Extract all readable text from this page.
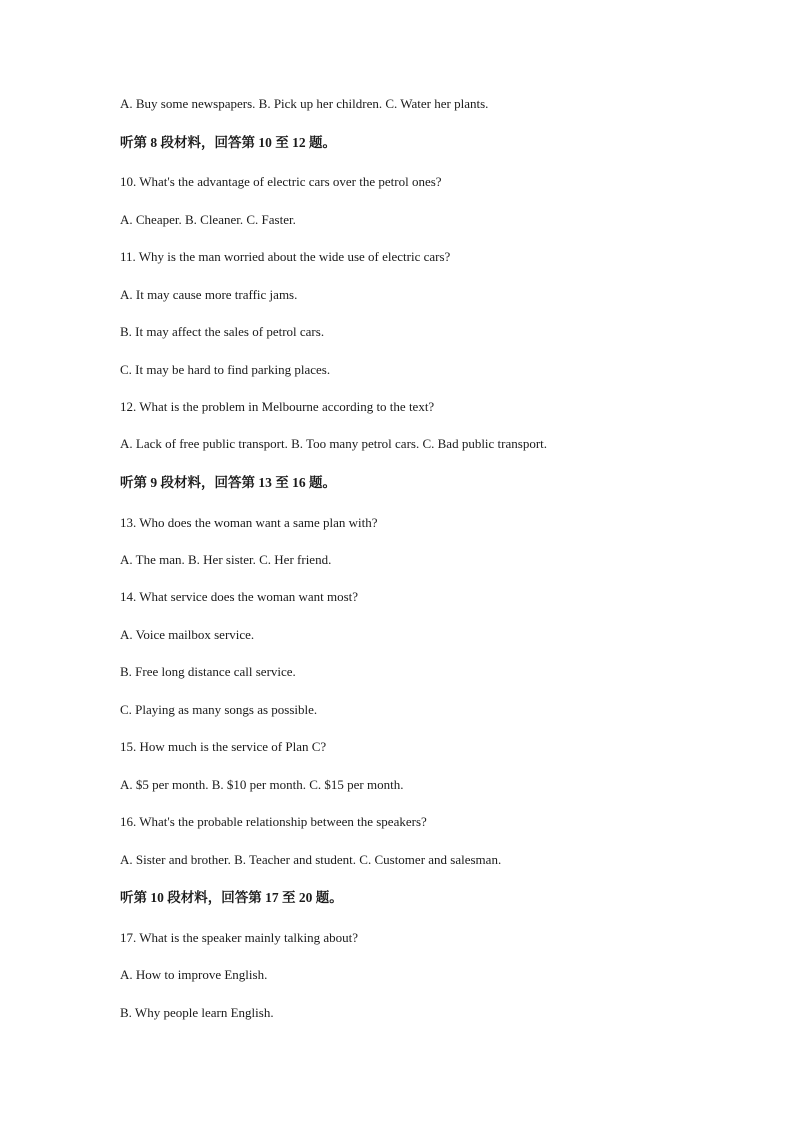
A. Buy some newspapers. B. Pick up her children. C. Water her plants.
听第 8 段材料，回答第 10 至 12 题。
10. What's the advantage of electric cars over the petrol ones?
A. Cheaper. B. Cleaner. C. Faster.
11. Why is the man worried about the wide use of electric cars?
A. It may cause more traffic jams.
B. It may affect the sales of petrol cars.
C. It may be hard to find parking places.
12. What is the problem in Melbourne according to the text?
A. Lack of free public transport. B. Too many petrol cars. C. Bad public transport.
听第 9 段材料，回答第 13 至 16 题。
13. Who does the woman want a same plan with?
A. The man. B. Her sister. C. Her friend.
14. What service does the woman want most?
A. Voice mailbox service.
B. Free long distance call service.
C. Playing as many songs as possible.
15. How much is the service of Plan C?
A. $5 per month. B. $10 per month. C. $15 per month.
16. What's the probable relationship between the speakers?
A. Sister and brother. B. Teacher and student. C. Customer and salesman.
听第 10 段材料，回答第 17 至 20 题。
17. What is the speaker mainly talking about?
A. How to improve English.
B. Why people learn English.
